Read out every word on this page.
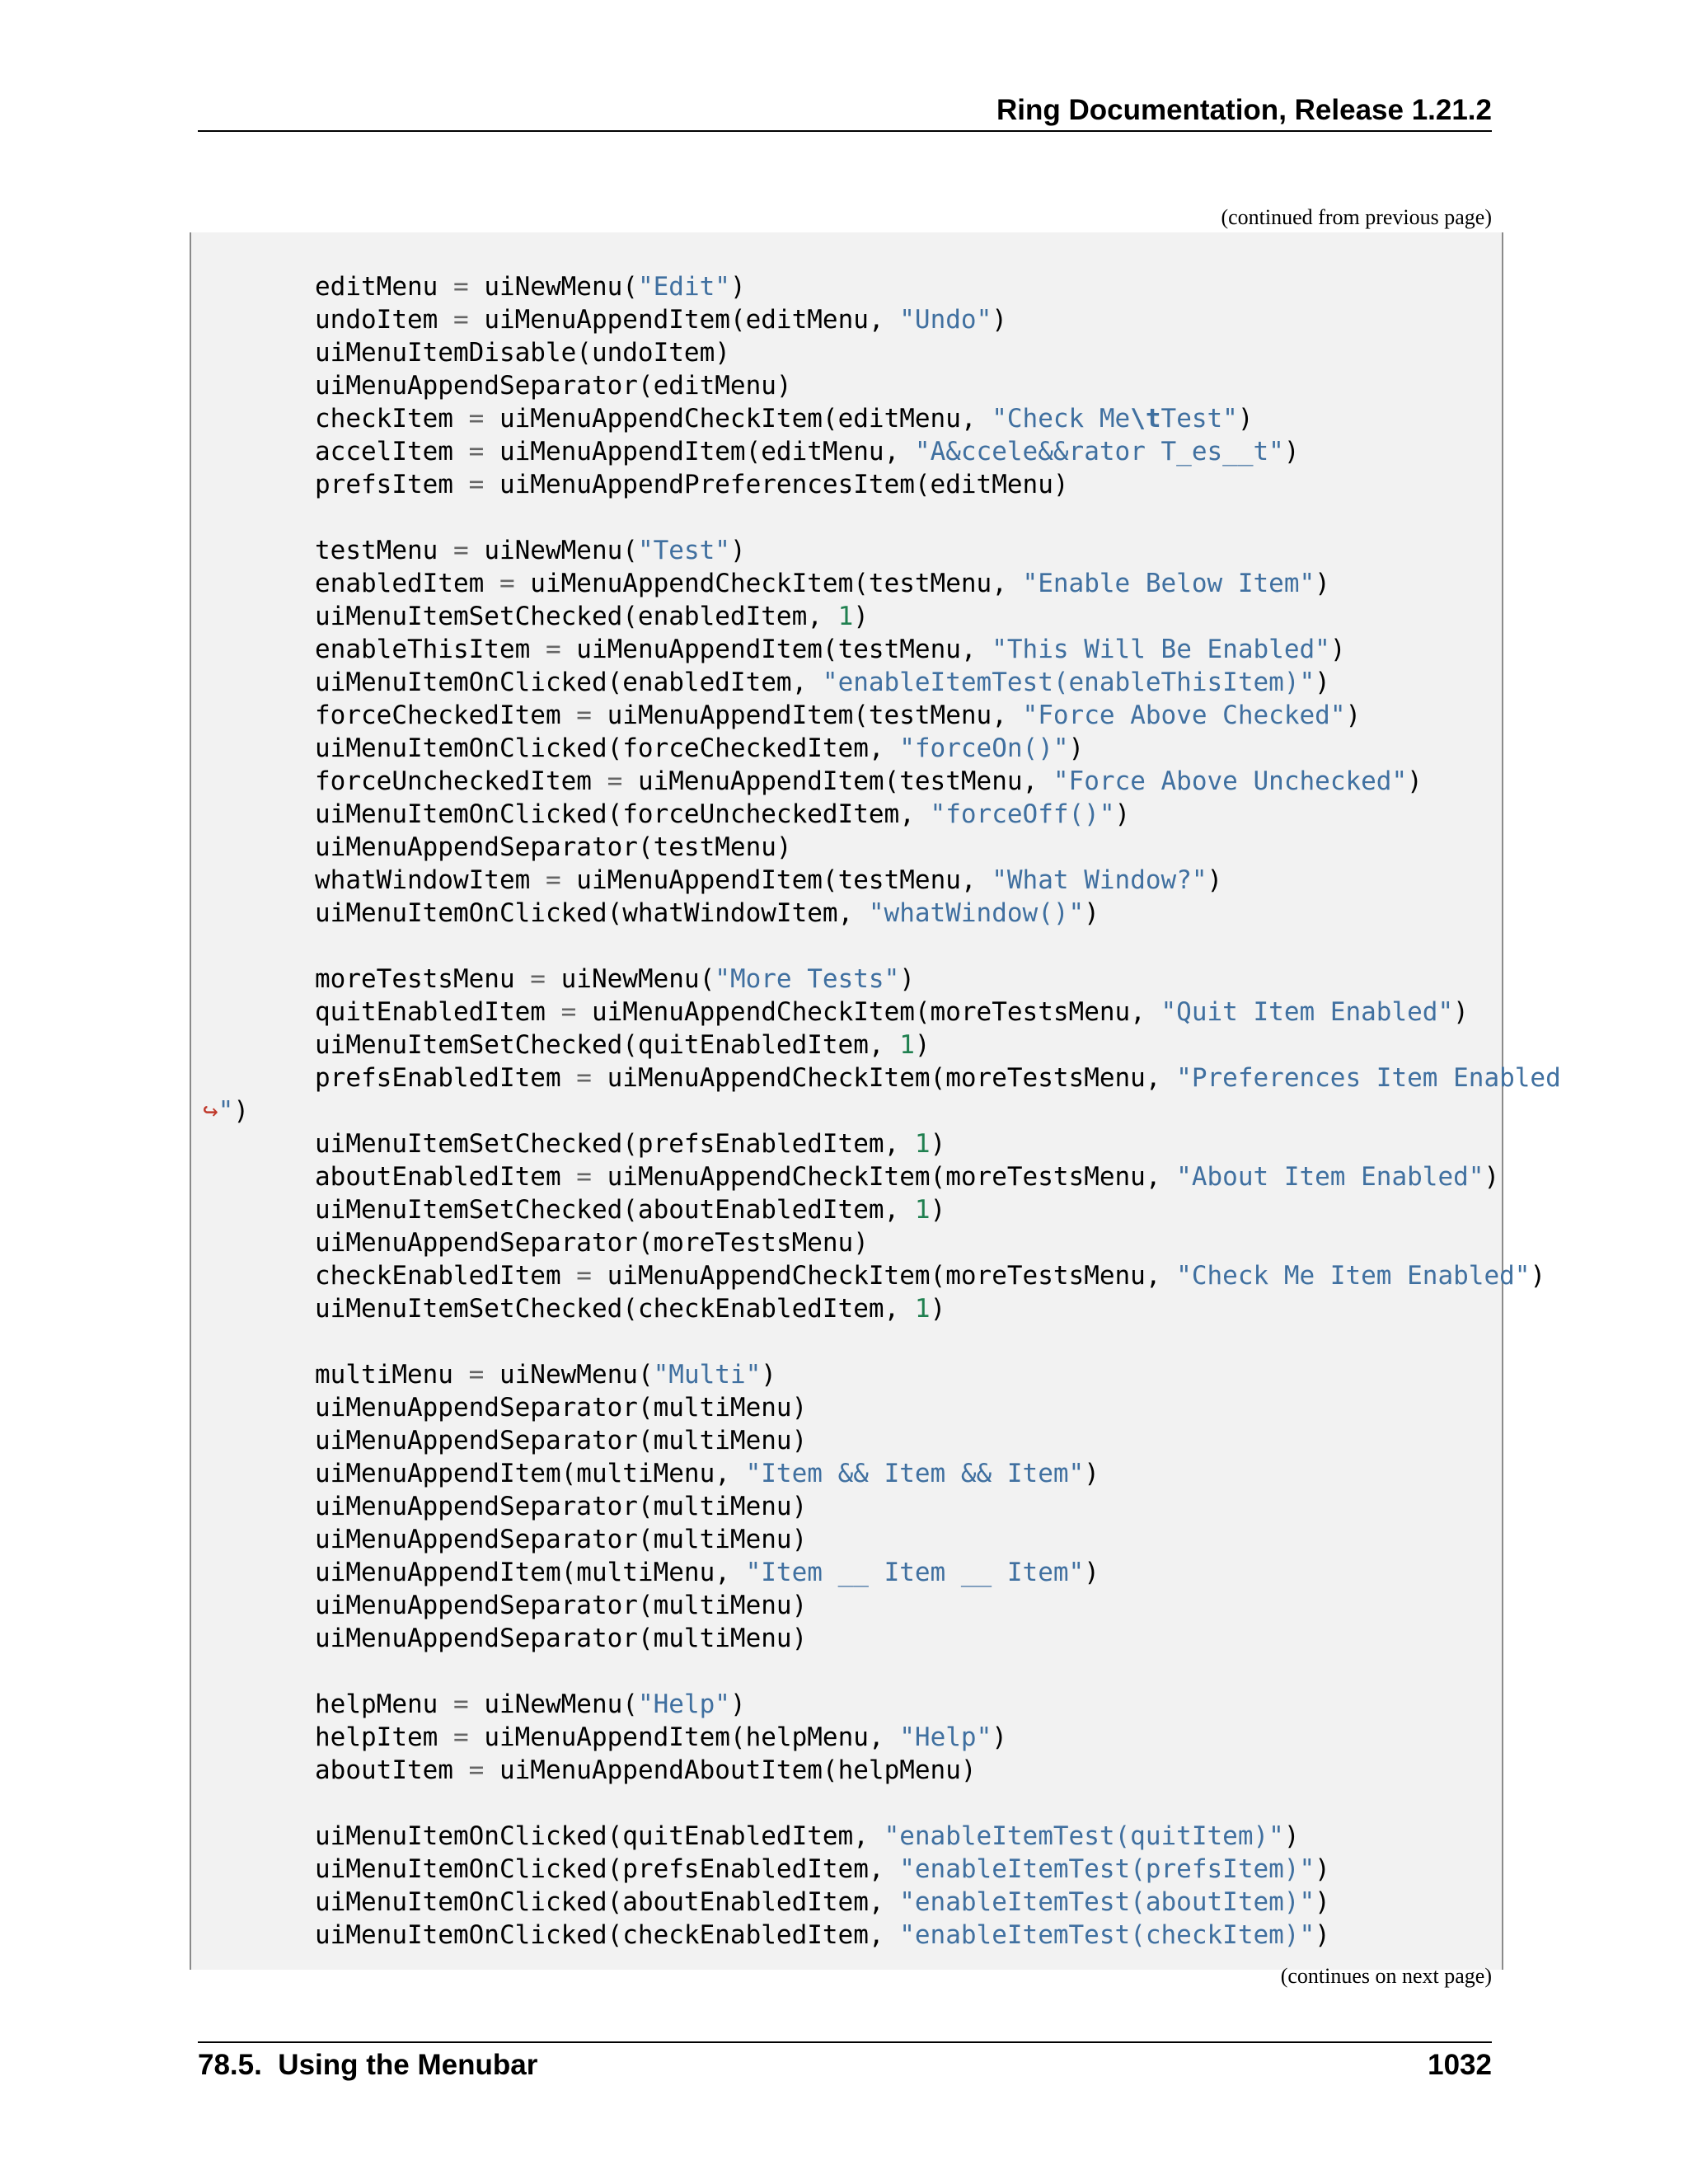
Ring Documentation, Release 1.21.2
(continued from previous page)
editMenu = uiNewMenu("Edit")
undoItem = uiMenuAppendItem(editMenu, "Undo")
uiMenuItemDisable(undoItem)
uiMenuAppendSeparator(editMenu)
checkItem = uiMenuAppendCheckItem(editMenu, "Check Me\tTest")
accelItem = uiMenuAppendItem(editMenu, "A&ccele&&rator T_es__t")
prefsItem = uiMenuAppendPreferencesItem(editMenu)
testMenu = uiNewMenu("Test")
enabledItem = uiMenuAppendCheckItem(testMenu, "Enable Below Item")
uiMenuItemSetChecked(enabledItem, 1)
enableThisItem = uiMenuAppendItem(testMenu, "This Will Be Enabled")
uiMenuItemOnClicked(enabledItem, "enableItemTest(enableThisItem)")
forceCheckedItem = uiMenuAppendItem(testMenu, "Force Above Checked")
uiMenuItemOnClicked(forceCheckedItem, "forceOn()")
forceUncheckedItem = uiMenuAppendItem(testMenu, "Force Above Unchecked")
uiMenuItemOnClicked(forceUncheckedItem, "forceOff()")
uiMenuAppendSeparator(testMenu)
whatWindowItem = uiMenuAppendItem(testMenu, "What Window?")
uiMenuItemOnClicked(whatWindowItem, "whatWindow()")
moreTestsMenu = uiNewMenu("More Tests")
quitEnabledItem = uiMenuAppendCheckItem(moreTestsMenu, "Quit Item Enabled")
uiMenuItemSetChecked(quitEnabledItem, 1)
prefsEnabledItem = uiMenuAppendCheckItem(moreTestsMenu, "Preferences Item Enabled
↪")
uiMenuItemSetChecked(prefsEnabledItem, 1)
aboutEnabledItem = uiMenuAppendCheckItem(moreTestsMenu, "About Item Enabled")
uiMenuItemSetChecked(aboutEnabledItem, 1)
uiMenuAppendSeparator(moreTestsMenu)
checkEnabledItem = uiMenuAppendCheckItem(moreTestsMenu, "Check Me Item Enabled")
uiMenuItemSetChecked(checkEnabledItem, 1)
multiMenu = uiNewMenu("Multi")
uiMenuAppendSeparator(multiMenu)
uiMenuAppendSeparator(multiMenu)
uiMenuAppendItem(multiMenu, "Item && Item && Item")
uiMenuAppendSeparator(multiMenu)
uiMenuAppendSeparator(multiMenu)
uiMenuAppendItem(multiMenu, "Item __ Item __ Item")
uiMenuAppendSeparator(multiMenu)
uiMenuAppendSeparator(multiMenu)
helpMenu = uiNewMenu("Help")
helpItem = uiMenuAppendItem(helpMenu, "Help")
aboutItem = uiMenuAppendAboutItem(helpMenu)
uiMenuItemOnClicked(quitEnabledItem, "enableItemTest(quitItem)")
uiMenuItemOnClicked(prefsEnabledItem, "enableItemTest(prefsItem)")
uiMenuItemOnClicked(aboutEnabledItem, "enableItemTest(aboutItem)")
uiMenuItemOnClicked(checkEnabledItem, "enableItemTest(checkItem)")
(continues on next page)
78.5.  Using the Menubar	1032
